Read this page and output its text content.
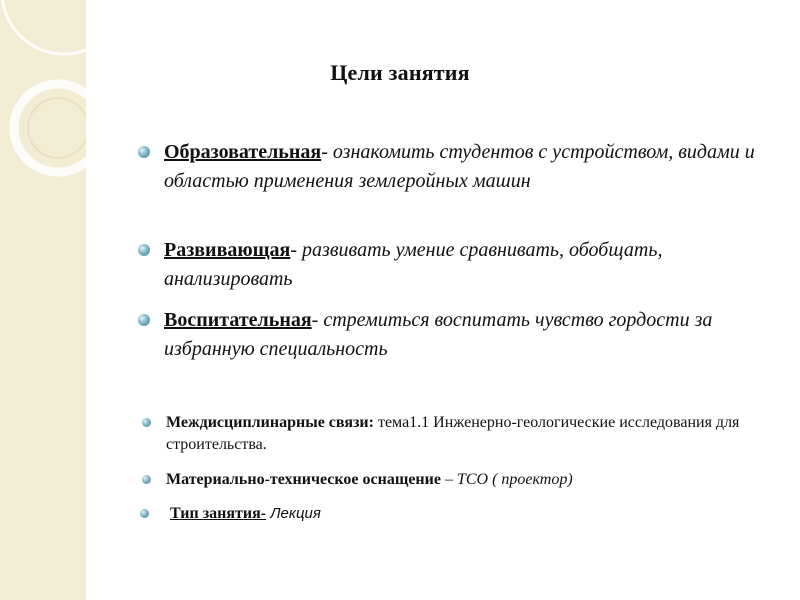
Цели занятия
Образовательная- ознакомить студентов с устройством, видами и областью применения землеройных машин
Развивающая- развивать умение сравнивать, обобщать, анализировать
Воспитательная- стремиться воспитать чувство гордости за избранную специальность
Междисциплинарные связи: тема1.1 Инженерно-геологические исследования для строительства.
Материально-техническое оснащение – ТСО ( проектор)
Тип занятия- Лекция
